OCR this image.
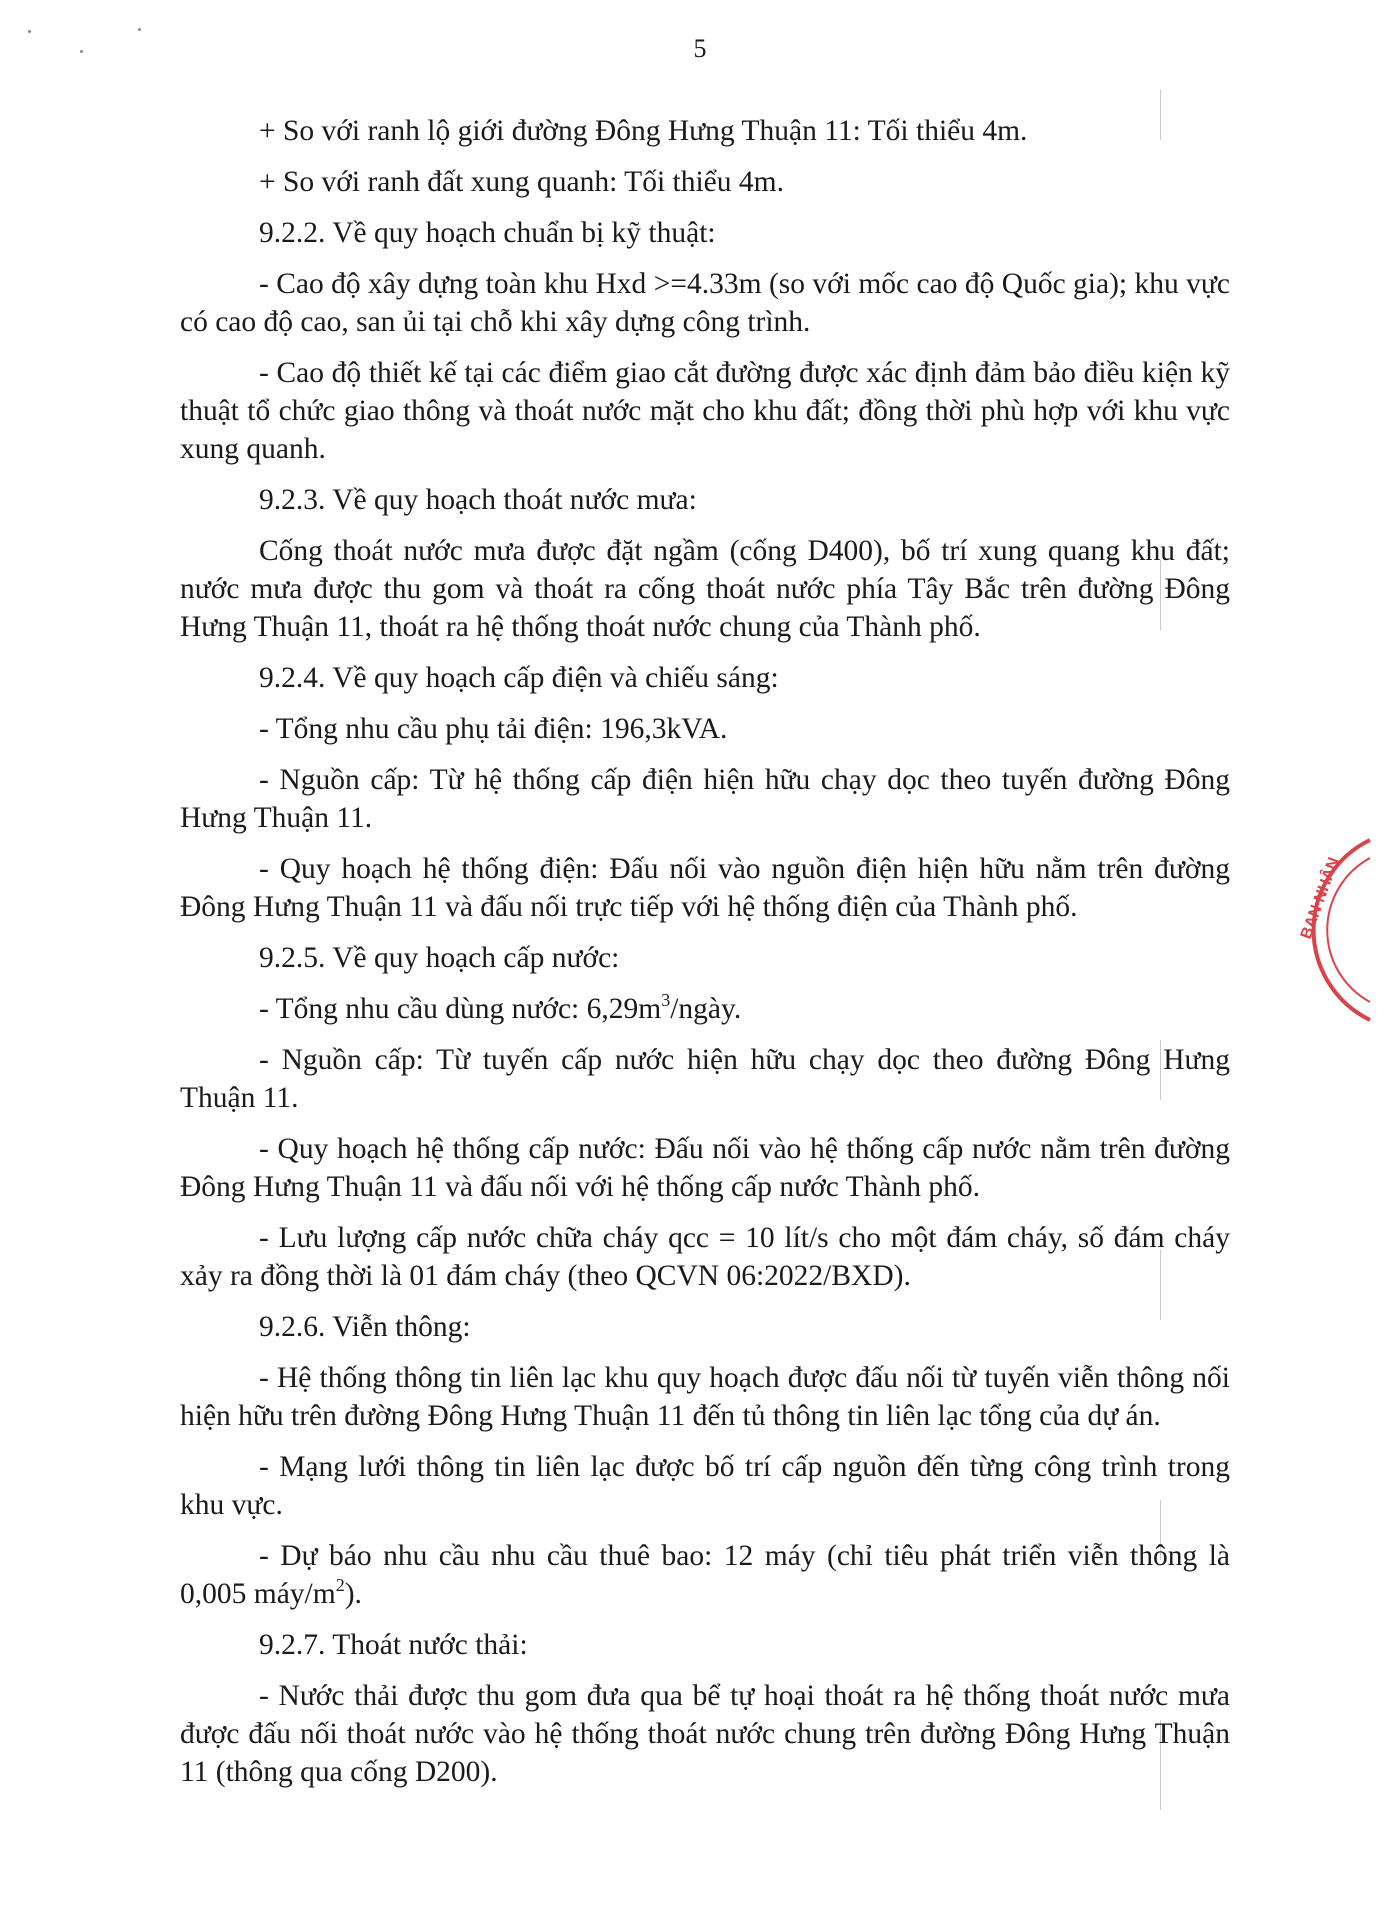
5

+ So với ranh lộ giới đường Đông Hưng Thuận 11: Tối thiểu 4m.

+ So với ranh đất xung quanh: Tối thiểu 4m.

9.2.2. Về quy hoạch chuẩn bị kỹ thuật:

- Cao độ xây dựng toàn khu Hxd >=4.33m (so với mốc cao độ Quốc gia); khu vực có cao độ cao, san ủi tại chỗ khi xây dựng công trình.

- Cao độ thiết kế tại các điểm giao cắt đường được xác định đảm bảo điều kiện kỹ thuật tổ chức giao thông và thoát nước mặt cho khu đất; đồng thời phù hợp với khu vực xung quanh.

9.2.3. Về quy hoạch thoát nước mưa:

Cống thoát nước mưa được đặt ngầm (cống D400), bố trí xung quang khu đất; nước mưa được thu gom và thoát ra cống thoát nước phía Tây Bắc trên đường Đông Hưng Thuận 11, thoát ra hệ thống thoát nước chung của Thành phố.

9.2.4. Về quy hoạch cấp điện và chiếu sáng:

- Tổng nhu cầu phụ tải điện: 196,3kVA.

- Nguồn cấp: Từ hệ thống cấp điện hiện hữu chạy dọc theo tuyến đường Đông Hưng Thuận 11.

- Quy hoạch hệ thống điện: Đấu nối vào nguồn điện hiện hữu nằm trên đường Đông Hưng Thuận 11 và đấu nối trực tiếp với hệ thống điện của Thành phố.

9.2.5. Về quy hoạch cấp nước:

- Tổng nhu cầu dùng nước: $6,29m^3$/ngày.

- Nguồn cấp: Từ tuyến cấp nước hiện hữu chạy dọc theo đường Đông Hưng Thuận 11.

- Quy hoạch hệ thống cấp nước: Đấu nối vào hệ thống cấp nước nằm trên đường Đông Hưng Thuận 11 và đấu nối với hệ thống cấp nước Thành phố.

- Lưu lượng cấp nước chữa cháy qcc = 10 lít/s cho một đám cháy, số đám cháy xảy ra đồng thời là 01 đám cháy (theo QCVN 06:2022/BXD).

9.2.6. Viễn thông:

- Hệ thống thông tin liên lạc khu quy hoạch được đấu nối từ tuyến viễn thông nối hiện hữu trên đường Đông Hưng Thuận 11 đến tủ thông tin liên lạc tổng của dự án.

- Mạng lưới thông tin liên lạc được bố trí cấp nguồn đến từng công trình trong khu vực.

- Dự báo nhu cầu nhu cầu thuê bao: 12 máy (chỉ tiêu phát triển viễn thông là 0,005 máy/$m^2$).

9.2.7. Thoát nước thải:

- Nước thải được thu gom đưa qua bể tự hoại thoát ra hệ thống thoát nước mưa được đấu nối thoát nước vào hệ thống thoát nước chung trên đường Đông Hưng Thuận 11 (thông qua cống D200).

BAN NHÂN
